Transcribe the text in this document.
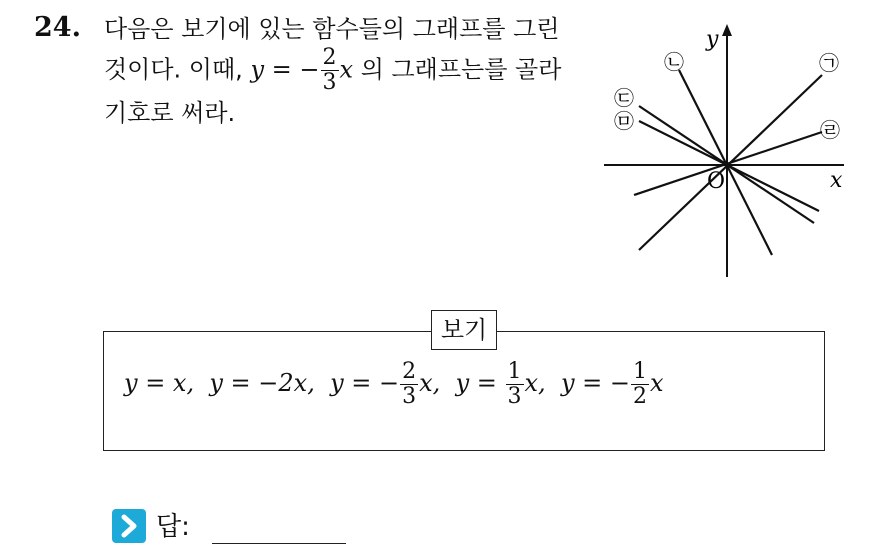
24. 다음은 보기에 있는 함수들의 그래프를 그린
것이다. 이때, y = − $\frac{2}{3}$ x 의 그래프는를 골라
기호로 써라.
x
y
O
㉠
㉡
㉢
㉣
㉤
보기
y = x, y = −2x, y = − $\frac{2}{3} x$, $y = \frac{1}{3} x$, y = − $\frac{1}{2}$ x
답:
